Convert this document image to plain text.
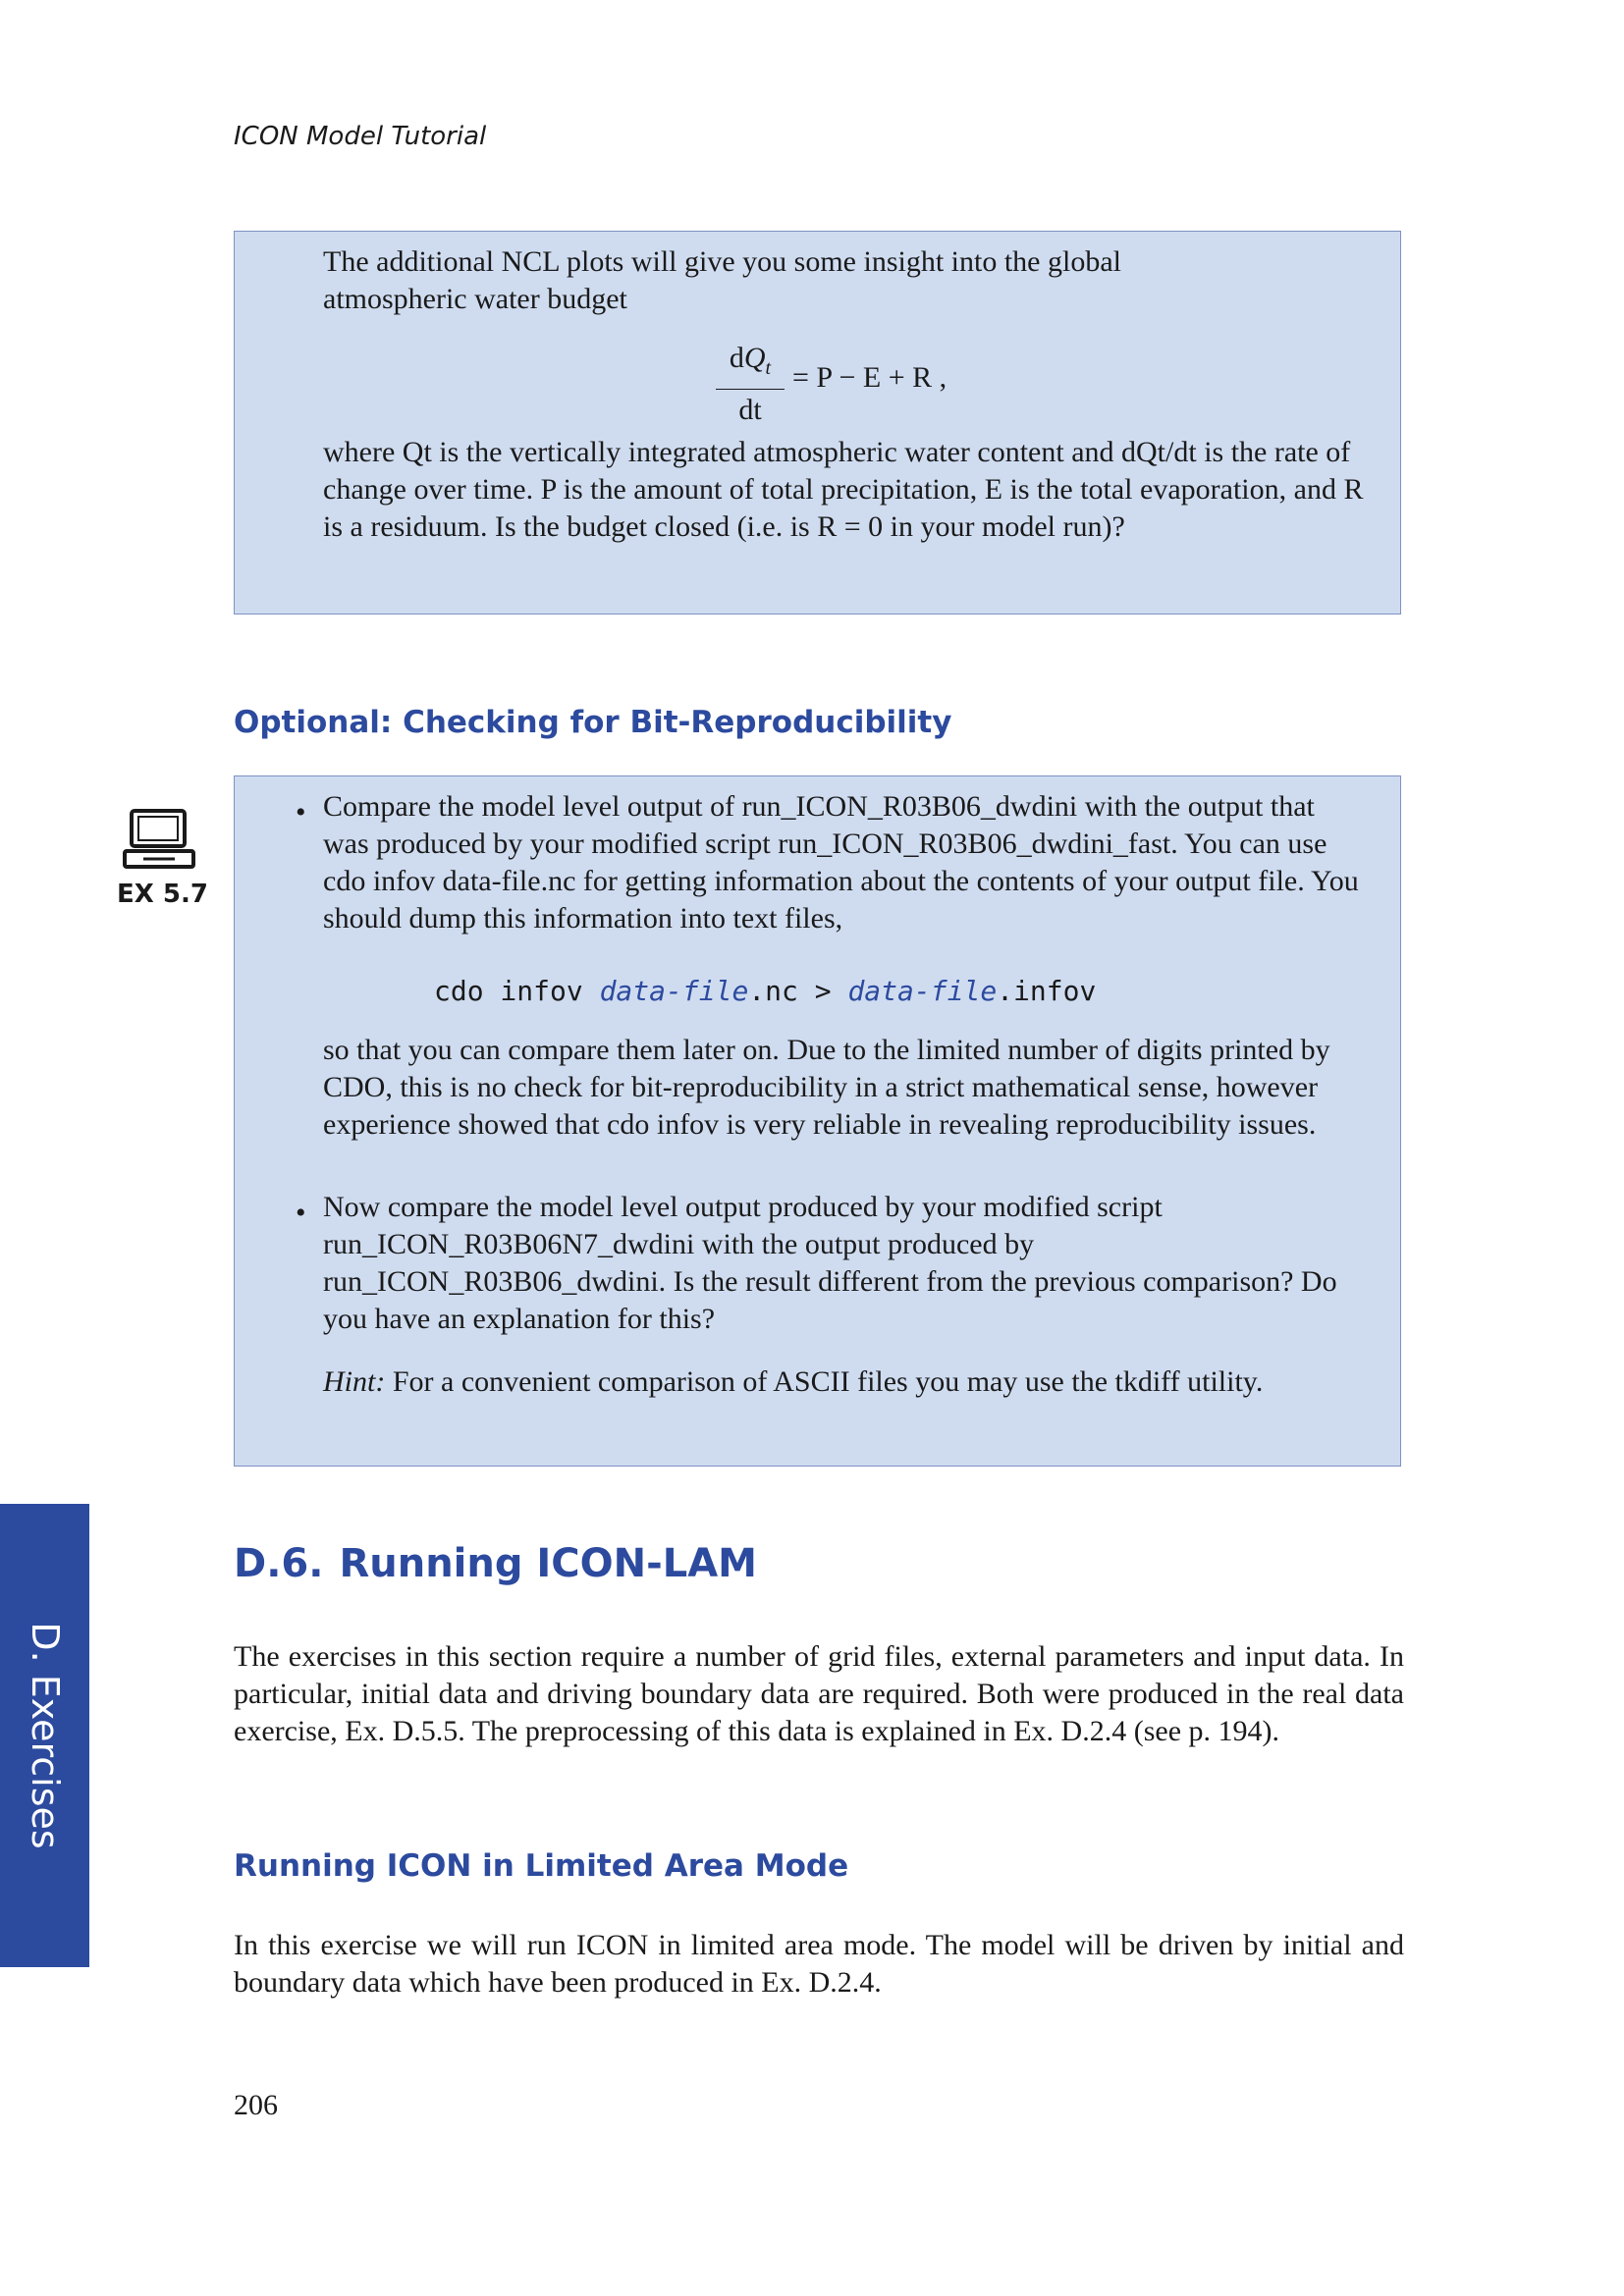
ICON Model Tutorial
The additional NCL plots will give you some insight into the global atmospheric water budget
$dQ_t$
dt
= P − E + R ,
where Qt is the vertically integrated atmospheric water content and dQt/dt is the rate of change over time. P is the amount of total precipitation, E is the total evaporation, and R is a residuum. Is the budget closed (i.e. is R = 0 in your model run)?
Optional: Checking for Bit-Reproducibility
EX 5.7
• Compare the model level output of run_ICON_R03B06_dwdini with the output that was produced by your modified script run_ICON_R03B06_dwdini_fast. You can use cdo infov data-file.nc for getting information about the contents of your output file. You should dump this information into text files,
cdo infov data-file.nc > data-file.infov
so that you can compare them later on. Due to the limited number of digits printed by CDO, this is no check for bit-reproducibility in a strict mathematical sense, however experience showed that cdo infov is very reliable in revealing reproducibility issues.
• Now compare the model level output produced by your modified script run_ICON_R03B06N7_dwdini with the output produced by run_ICON_R03B06_dwdini. Is the result different from the previous comparison? Do you have an explanation for this?
Hint: For a convenient comparison of ASCII files you may use the tkdiff utility.
D. Exercises
D.6. Running ICON-LAM
The exercises in this section require a number of grid files, external parameters and input data. In particular, initial data and driving boundary data are required. Both were produced in the real data exercise, Ex. D.5.5. The preprocessing of this data is explained in Ex. D.2.4 (see p. 194).
Running ICON in Limited Area Mode
In this exercise we will run ICON in limited area mode. The model will be driven by initial and boundary data which have been produced in Ex. D.2.4.
206
